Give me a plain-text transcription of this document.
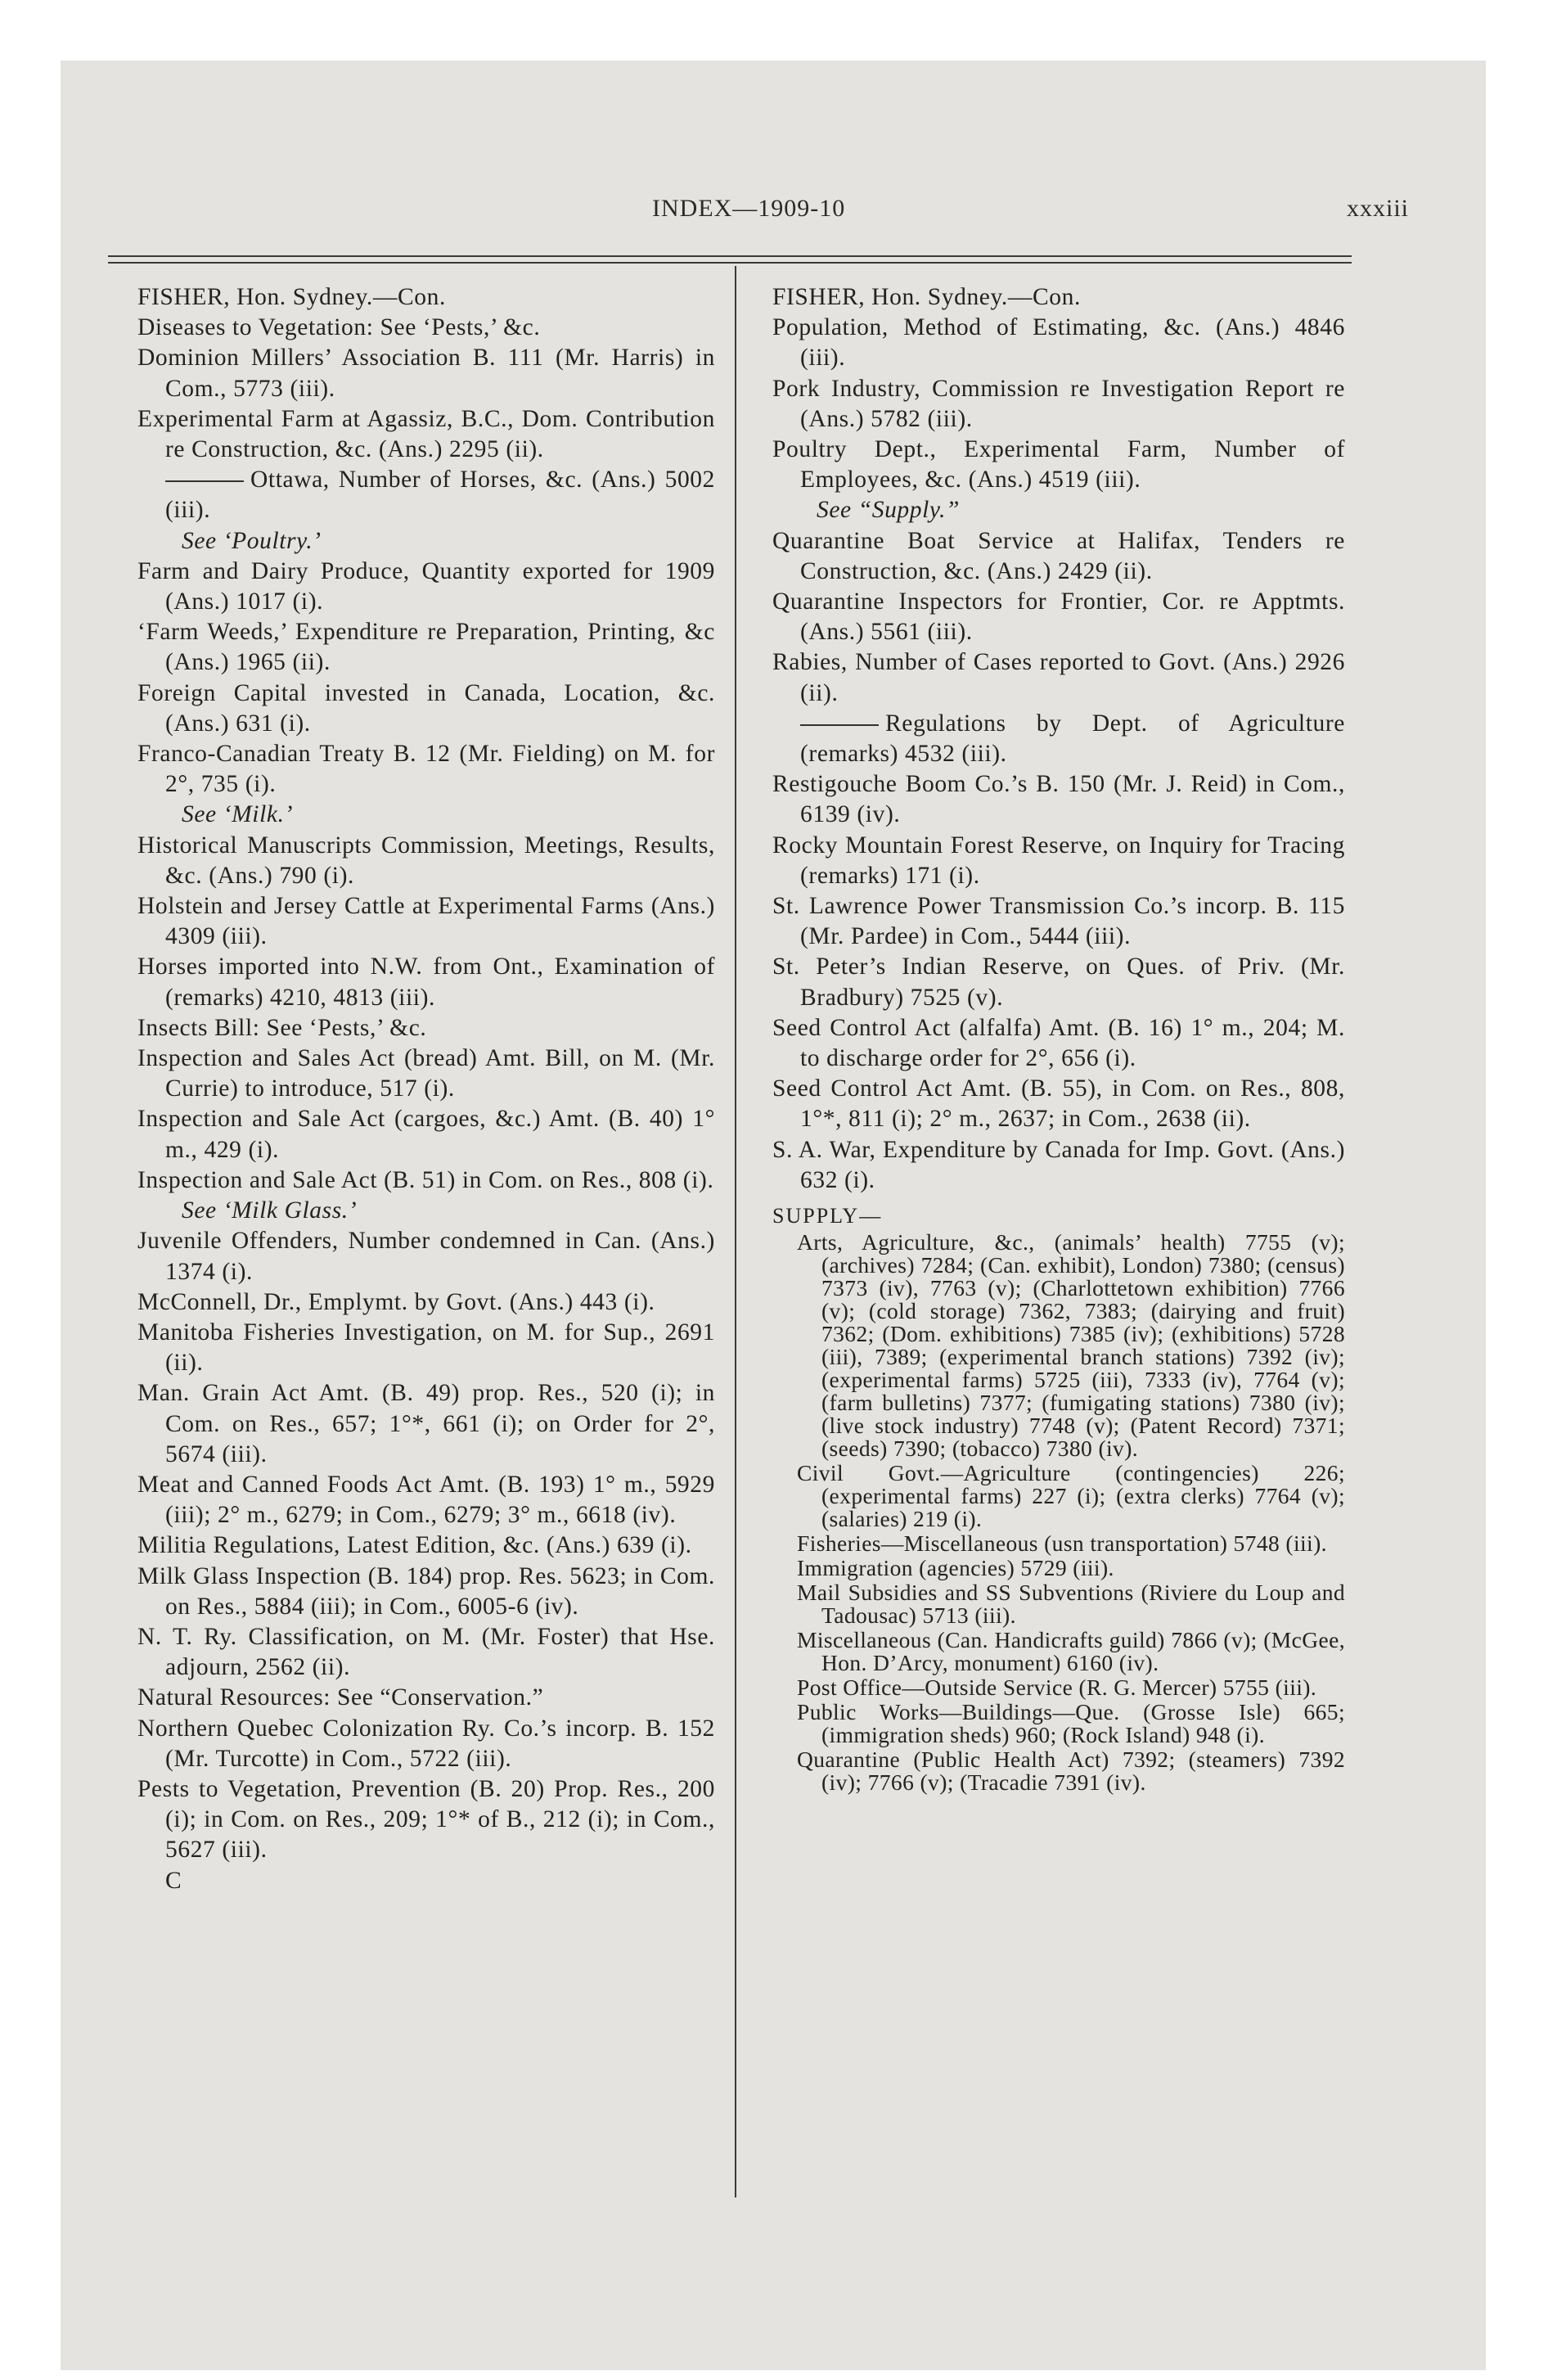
INDEX—1909-10	xxxiii

FISHER, Hon. Sydney.—Con.

Diseases to Vegetation: See ‘Pests,’ &c.

Dominion Millers’ Association B. 111 (Mr. Harris) in Com., 5773 (iii).

Experimental Farm at Agassiz, B.C., Dom. Contribution re Construction, &c. (Ans.) 2295 (ii).

Ottawa, Number of Horses, &c. (Ans.) 5002 (iii).

See ‘Poultry.’

Farm and Dairy Produce, Quantity exported for 1909 (Ans.) 1017 (i).

‘Farm Weeds,’ Expenditure re Preparation, Printing, &c (Ans.) 1965 (ii).

Foreign Capital invested in Canada, Location, &c. (Ans.) 631 (i).

Franco-Canadian Treaty B. 12 (Mr. Fielding) on M. for 2°, 735 (i).

See ‘Milk.’

Historical Manuscripts Commission, Meetings, Results, &c. (Ans.) 790 (i).

Holstein and Jersey Cattle at Experimental Farms (Ans.) 4309 (iii).

Horses imported into N.W. from Ont., Examination of (remarks) 4210, 4813 (iii).

Insects Bill: See ‘Pests,’ &c.

Inspection and Sales Act (bread) Amt. Bill, on M. (Mr. Currie) to introduce, 517 (i).

Inspection and Sale Act (cargoes, &c.) Amt. (B. 40) 1° m., 429 (i).

Inspection and Sale Act (B. 51) in Com. on Res., 808 (i).

See ‘Milk Glass.’

Juvenile Offenders, Number condemned in Can. (Ans.) 1374 (i).

McConnell, Dr., Emplymt. by Govt. (Ans.) 443 (i).

Manitoba Fisheries Investigation, on M. for Sup., 2691 (ii).

Man. Grain Act Amt. (B. 49) prop. Res., 520 (i); in Com. on Res., 657; 1°*, 661 (i); on Order for 2°, 5674 (iii).

Meat and Canned Foods Act Amt. (B. 193) 1° m., 5929 (iii); 2° m., 6279; in Com., 6279; 3° m., 6618 (iv).

Militia Regulations, Latest Edition, &c. (Ans.) 639 (i).

Milk Glass Inspection (B. 184) prop. Res. 5623; in Com. on Res., 5884 (iii); in Com., 6005-6 (iv).

N. T. Ry. Classification, on M. (Mr. Foster) that Hse. adjourn, 2562 (ii).

Natural Resources: See “Conservation.”

Northern Quebec Colonization Ry. Co.’s incorp. B. 152 (Mr. Turcotte) in Com., 5722 (iii).

Pests to Vegetation, Prevention (B. 20) Prop. Res., 200 (i); in Com. on Res., 209; 1°* of B., 212 (i); in Com., 5627 (iii).

C

FISHER, Hon. Sydney.—Con.

Population, Method of Estimating, &c. (Ans.) 4846 (iii).

Pork Industry, Commission re Investigation Report re (Ans.) 5782 (iii).

Poultry Dept., Experimental Farm, Number of Employees, &c. (Ans.) 4519 (iii).

See “Supply.”

Quarantine Boat Service at Halifax, Tenders re Construction, &c. (Ans.) 2429 (ii).

Quarantine Inspectors for Frontier, Cor. re Apptmts. (Ans.) 5561 (iii).

Rabies, Number of Cases reported to Govt. (Ans.) 2926 (ii).

Regulations by Dept. of Agriculture (remarks) 4532 (iii).

Restigouche Boom Co.’s B. 150 (Mr. J. Reid) in Com., 6139 (iv).

Rocky Mountain Forest Reserve, on Inquiry for Tracing (remarks) 171 (i).

St. Lawrence Power Transmission Co.’s incorp. B. 115 (Mr. Pardee) in Com., 5444 (iii).

St. Peter’s Indian Reserve, on Ques. of Priv. (Mr. Bradbury) 7525 (v).

Seed Control Act (alfalfa) Amt. (B. 16) 1° m., 204; M. to discharge order for 2°, 656 (i).

Seed Control Act Amt. (B. 55), in Com. on Res., 808, 1°*, 811 (i); 2° m., 2637; in Com., 2638 (ii).

S. A. War, Expenditure by Canada for Imp. Govt. (Ans.) 632 (i).

SUPPLY—

Arts, Agriculture, &c., (animals’ health) 7755 (v); (archives) 7284; (Can. exhibit), London) 7380; (census) 7373 (iv), 7763 (v); (Charlottetown exhibition) 7766 (v); (cold storage) 7362, 7383; (dairying and fruit) 7362; (Dom. exhibitions) 7385 (iv); (exhibitions) 5728 (iii), 7389; (experimental branch stations) 7392 (iv); (experimental farms) 5725 (iii), 7333 (iv), 7764 (v); (farm bulletins) 7377; (fumigating stations) 7380 (iv); (live stock industry) 7748 (v); (Patent Record) 7371; (seeds) 7390; (tobacco) 7380 (iv).

Civil Govt.—Agriculture (contingencies) 226; (experimental farms) 227 (i); (extra clerks) 7764 (v); (salaries) 219 (i).

Fisheries—Miscellaneous (usn transportation) 5748 (iii).

Immigration (agencies) 5729 (iii).

Mail Subsidies and SS Subventions (Riviere du Loup and Tadousac) 5713 (iii).

Miscellaneous (Can. Handicrafts guild) 7866 (v); (McGee, Hon. D’Arcy, monument) 6160 (iv).

Post Office—Outside Service (R. G. Mercer) 5755 (iii).

Public Works—Buildings—Que. (Grosse Isle) 665; (immigration sheds) 960; (Rock Island) 948 (i).

Quarantine (Public Health Act) 7392; (steamers) 7392 (iv); 7766 (v); (Tracadie 7391 (iv).
